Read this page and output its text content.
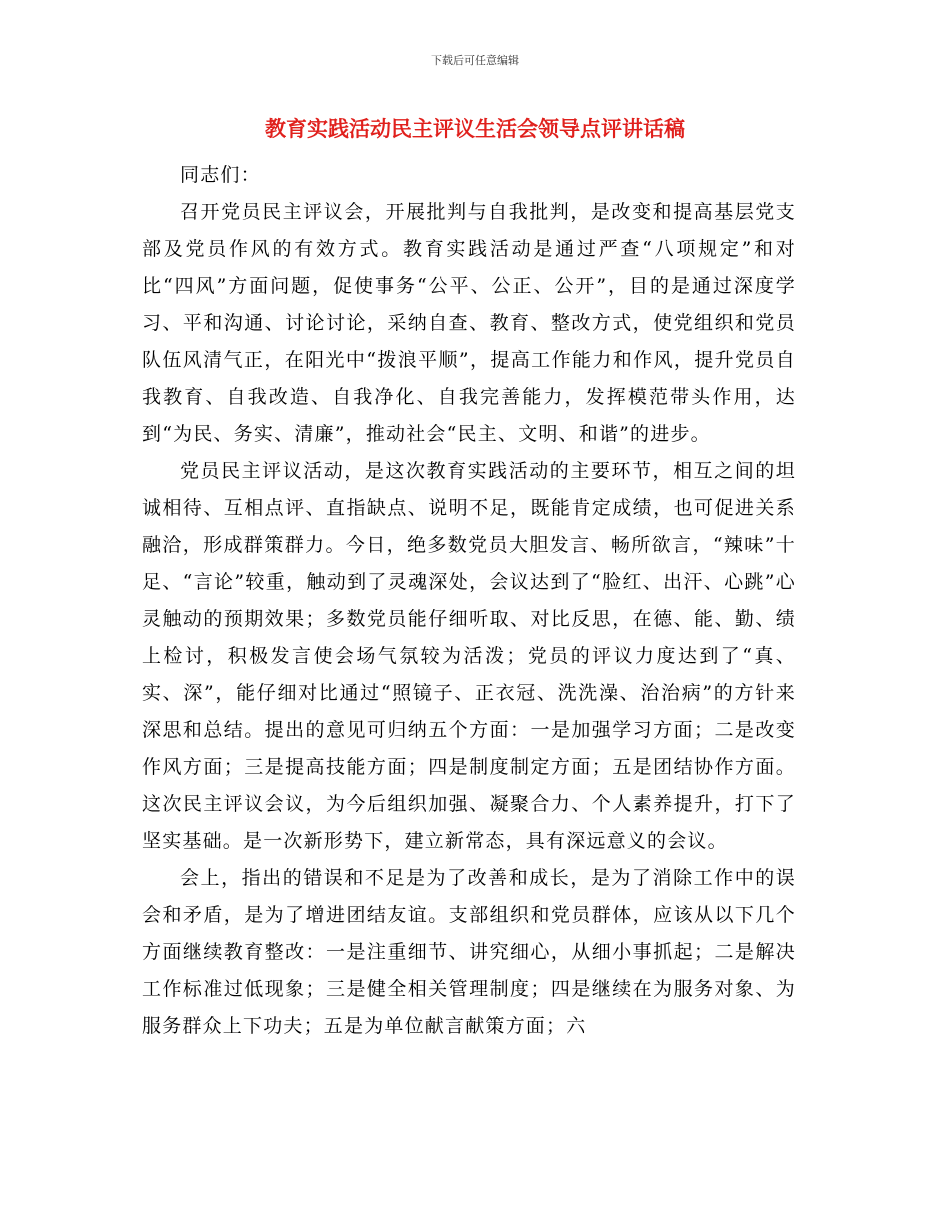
下载后可任意编辑
教育实践活动民主评议生活会领导点评讲话稿

同志们：

召开党员民主评议会，开展批判与自我批判，是改变和提高基层党支部及党员作风的有效方式。教育实践活动是通过严查“八项规定”和对比“四风”方面问题，促使事务“公平、公正、公开”，目的是通过深度学习、平和沟通、讨论讨论，采纳自查、教育、整改方式，使党组织和党员队伍风清气正，在阳光中“拨浪平顺”，提高工作能力和作风，提升党员自我教育、自我改造、自我净化、自我完善能力，发挥模范带头作用，达到“为民、务实、清廉”，推动社会“民主、文明、和谐”的进步。

党员民主评议活动，是这次教育实践活动的主要环节，相互之间的坦诚相待、互相点评、直指缺点、说明不足，既能肯定成绩，也可促进关系融洽，形成群策群力。今日，绝多数党员大胆发言、畅所欲言，“辣味”十足、“言论”较重，触动到了灵魂深处，会议达到了“脸红、出汗、心跳”心灵触动的预期效果；多数党员能仔细听取、对比反思，在德、能、勤、绩上检讨，积极发言使会场气氛较为活泼；党员的评议力度达到了“真、实、深”，能仔细对比通过“照镜子、正衣冠、洗洗澡、治治病”的方针来深思和总结。提出的意见可归纳五个方面：一是加强学习方面；二是改变作风方面；三是提高技能方面；四是制度制定方面；五是团结协作方面。这次民主评议会议，为今后组织加强、凝聚合力、个人素养提升，打下了坚实基础。是一次新形势下，建立新常态，具有深远意义的会议。

会上，指出的错误和不足是为了改善和成长，是为了消除工作中的误会和矛盾，是为了增进团结友谊。支部组织和党员群体，应该从以下几个方面继续教育整改：一是注重细节、讲究细心，从细小事抓起；二是解决工作标准过低现象；三是健全相关管理制度；四是继续在为服务对象、为服务群众上下功夫；五是为单位献言献策方面；六
